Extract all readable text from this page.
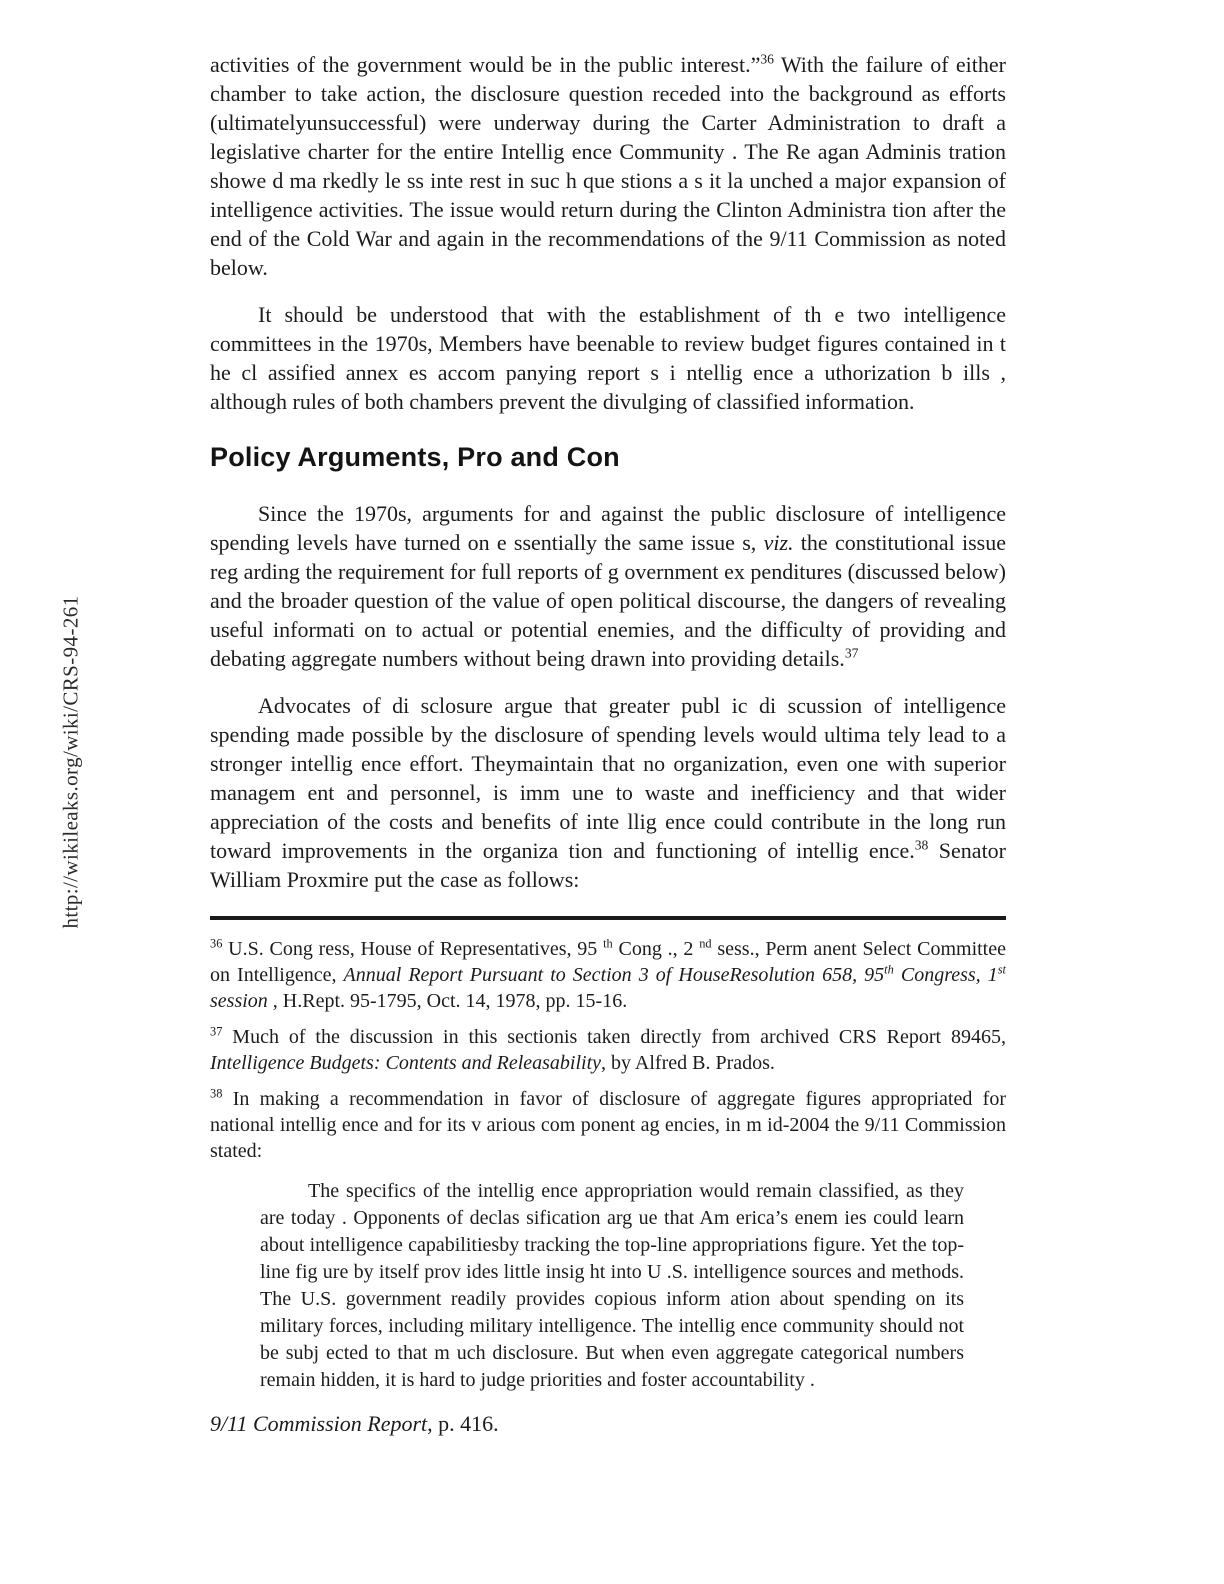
http://wikileaks.org/wiki/CRS-94-261

activities of the government would be in the public interest.”$^{36}$ With the failure of either chamber to take action, the disclosure question receded into the background as efforts (ultimatelyunsuccessful) were underway during the Carter Administration to draft a legislative charter for the entire Intellig ence Community . The Re agan Adminis tration showe d ma rkedly le ss inte rest in suc h que stions a s it la unched a major expansion of intelligence activities. The issue would return during the Clinton Administra tion after the end of the Cold War and again in the recommendations of the 9/11 Commission as noted below.

It should be understood that with the establishment of th e two intelligence committees in the 1970s, Members have beenable to review budget figures contained in t he cl assified annex es accom panying report s i ntellig ence a uthorization b ills , although rules of both chambers prevent the divulging of classified information.

Policy Arguments, Pro and Con

Since the 1970s, arguments for and against the public disclosure of intelligence spending levels have turned on e ssentially the same issue s, viz. the constitutional issue reg arding the requirement for full reports of g overnment ex penditures (discussed below) and the broader question of the value of open political discourse, the dangers of revealing useful informati on to actual or potential enemies, and the difficulty of providing and debating aggregate numbers without being drawn into providing details.$^{37}$

Advocates of di sclosure argue that greater publ ic di scussion of intelligence spending made possible by the disclosure of spending levels would ultima tely lead to a stronger intellig ence effort. Theymaintain that no organization, even one with superior managem ent and personnel, is imm une to waste and inefficiency and that wider appreciation of the costs and benefits of inte llig ence could contribute in the long run toward improvements in the organiza tion and functioning of intellig ence.$^{38}$ Senator William Proxmire put the case as follows:

$^{36}$ U.S. Cong ress, House of Representatives, 95 $^{th}$ Cong ., 2 $^{nd}$ sess., Perm anent Select Committee on Intelligence, Annual Report Pursuant to Section 3 of HouseResolution 658, 95th Congress, 1st session , H.Rept. 95-1795, Oct. 14, 1978, pp. 15-16.

$^{37}$ Much of the discussion in this sectionis taken directly from archived CRS Report 89465, Intelligence Budgets: Contents and Releasability, by Alfred B. Prados.

$^{38}$ In making a recommendation in favor of disclosure of aggregate figures appropriated for national intellig ence and for its v arious com ponent ag encies, in m id-2004 the 9/11 Commission stated:

The specifics of the intellig ence appropriation would remain classified, as they are today . Opponents of declas sification arg ue that Am erica’s enem ies could learn about intelligence capabilitiesby tracking the top-line appropriations figure. Yet the top- line fig ure by itself prov ides little insig ht into U .S. intelligence sources and methods. The U.S. government readily provides copious inform ation about spending on its military forces, including military intelligence. The intellig ence community should not be subj ected to that m uch disclosure. But when even aggregate categorical numbers remain hidden, it is hard to judge priorities and foster accountability .

9/11 Commission Report, p. 416.
